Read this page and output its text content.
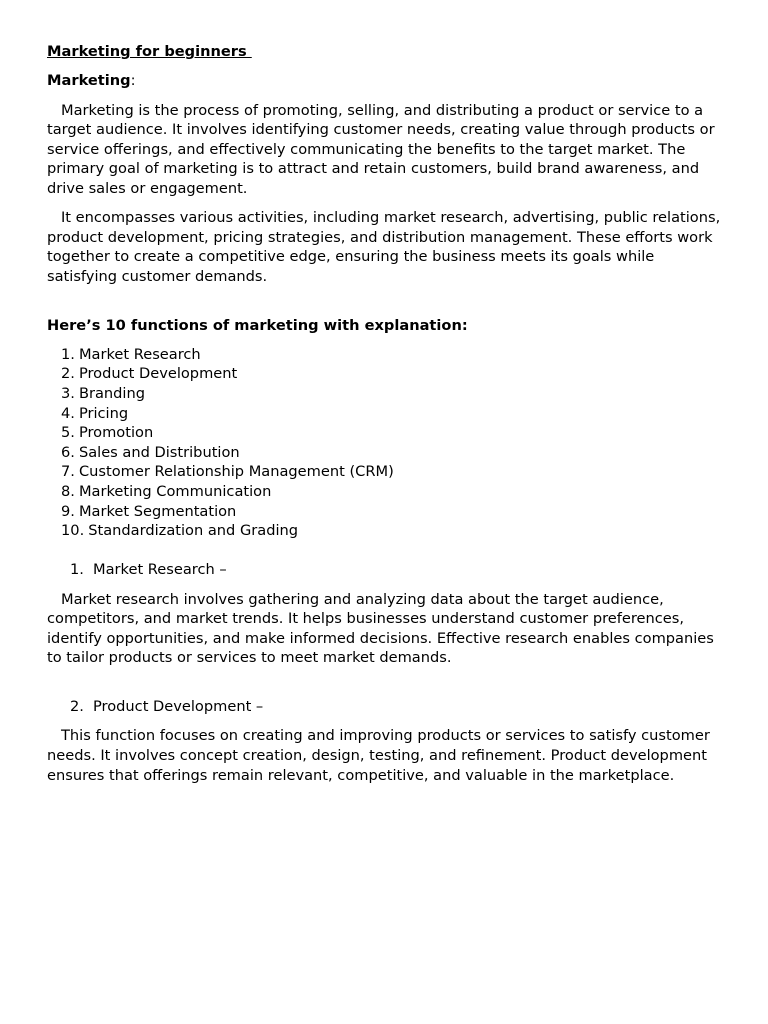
Marketing for beginners

Marketing:

Marketing is the process of promoting, selling, and distributing a product or service to a target audience. It involves identifying customer needs, creating value through products or service offerings, and effectively communicating the benefits to the target market. The primary goal of marketing is to attract and retain customers, build brand awareness, and drive sales or engagement.

It encompasses various activities, including market research, advertising, public relations, product development, pricing strategies, and distribution management. These efforts work together to create a competitive edge, ensuring the business meets its goals while satisfying customer demands.

Here’s 10 functions of marketing with explanation:

1. Market Research
2. Product Development
3. Branding
4. Pricing
5. Promotion
6. Sales and Distribution
7. Customer Relationship Management (CRM)
8. Marketing Communication
9. Market Segmentation
10. Standardization and Grading

1. Market Research –

Market research involves gathering and analyzing data about the target audience, competitors, and market trends. It helps businesses understand customer preferences, identify opportunities, and make informed decisions. Effective research enables companies to tailor products or services to meet market demands.

2. Product Development –

This function focuses on creating and improving products or services to satisfy customer needs. It involves concept creation, design, testing, and refinement. Product development ensures that offerings remain relevant, competitive, and valuable in the marketplace.
